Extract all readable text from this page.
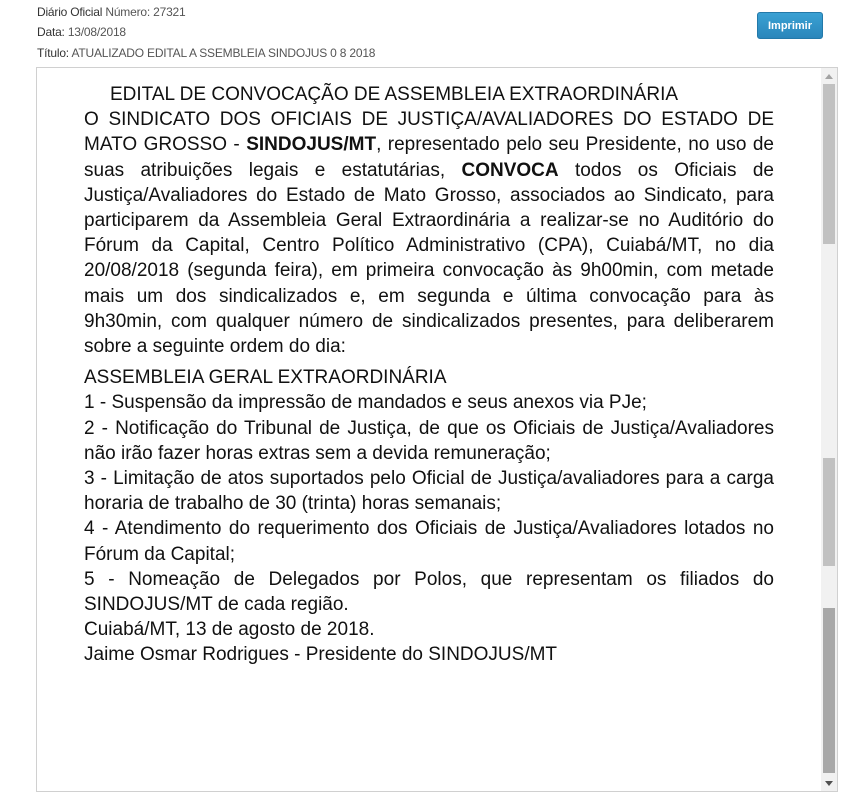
Diário Oficial Número: 27321
Data: 13/08/2018
Título: ATUALIZADO EDITAL A SSEMBLEIA SINDOJUS 0 8 2018
Imprimir

EDITAL DE CONVOCAÇÃO DE ASSEMBLEIA EXTRAORDINÁRIA

O SINDICATO DOS OFICIAIS DE JUSTIÇA/AVALIADORES DO ESTADO DE MATO GROSSO - SINDOJUS/MT, representado pelo seu Presidente, no uso de suas atribuições legais e estatutárias, CONVOCA todos os Oficiais de Justiça/Avaliadores do Estado de Mato Grosso, associados ao Sindicato, para participarem da Assembleia Geral Extraordinária a realizar-se no Auditório do Fórum da Capital, Centro Político Administrativo (CPA), Cuiabá/MT, no dia 20/08/2018 (segunda feira), em primeira convocação às 9h00min, com metade mais um dos sindicalizados e, em segunda e última convocação para às 9h30min, com qualquer número de sindicalizados presentes, para deliberarem sobre a seguinte ordem do dia:

ASSEMBLEIA GERAL EXTRAORDINÁRIA

1 - Suspensão da impressão de mandados e seus anexos via PJe;

2 - Notificação do Tribunal de Justiça, de que os Oficiais de Justiça/Avaliadores não irão fazer horas extras sem a devida remuneração;

3 - Limitação de atos suportados pelo Oficial de Justiça/avaliadores para a carga horaria de trabalho de 30 (trinta) horas semanais;

4 - Atendimento do requerimento dos Oficiais de Justiça/Avaliadores lotados no Fórum da Capital;

5 - Nomeação de Delegados por Polos, que representam os filiados do SINDOJUS/MT de cada região.

Cuiabá/MT, 13 de agosto de 2018.

Jaime Osmar Rodrigues - Presidente do SINDOJUS/MT
